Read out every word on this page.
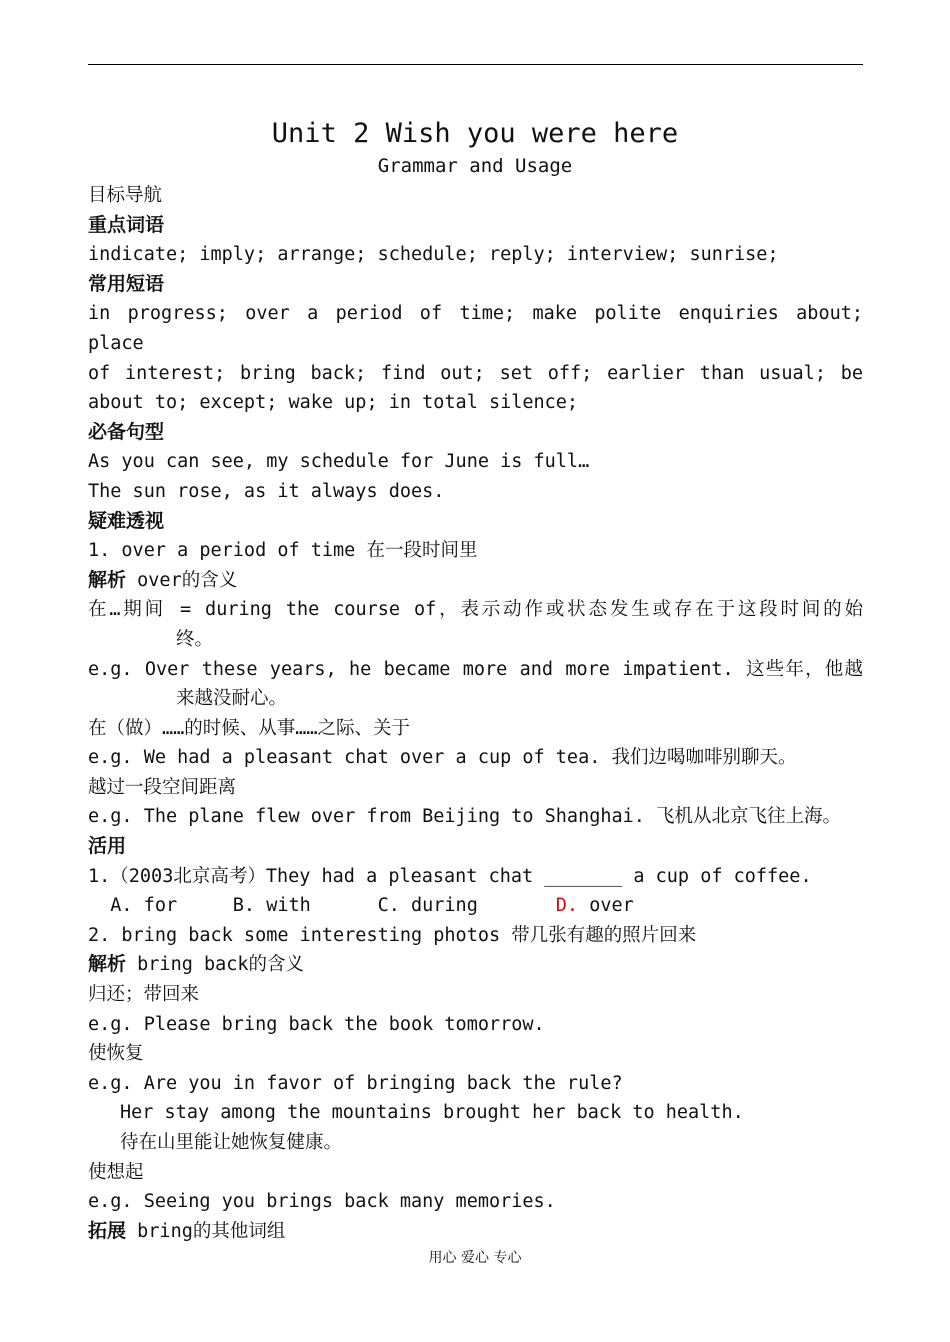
Unit 2 Wish you were here
Grammar and Usage
目标导航
重点词语
indicate; imply; arrange; schedule; reply; interview; sunrise;
常用短语
in progress; over a period of time; make polite enquiries about; place
of interest; bring back; find out; set off; earlier than usual; be
about to; except; wake up; in total silence;
必备句型
As you can see, my schedule for June is full…
The sun rose, as it always does.
疑难透视
1. over a period of time 在一段时间里
解析 over的含义
在…期间 = during the course of，表示动作或状态发生或存在于这段时间的始
终。
e.g. Over these years, he became more and more impatient. 这些年，他越
来越没耐心。
在（做）……的时候、从事……之际、关于
e.g. We had a pleasant chat over a cup of tea. 我们边喝咖啡别聊天。
越过一段空间距离
e.g. The plane flew over from Beijing to Shanghai. 飞机从北京飞往上海。
活用
1.（2003北京高考）They had a pleasant chat _______ a cup of coffee.
A. for     B. with      C. during       D. over
2. bring back some interesting photos 带几张有趣的照片回来
解析 bring back的含义
归还；带回来
e.g. Please bring back the book tomorrow.
使恢复
e.g. Are you in favor of bringing back the rule?
Her stay among the mountains brought her back to health.
待在山里能让她恢复健康。
使想起
e.g. Seeing you brings back many memories.
拓展 bring的其他词组
用心 爱心 专心
